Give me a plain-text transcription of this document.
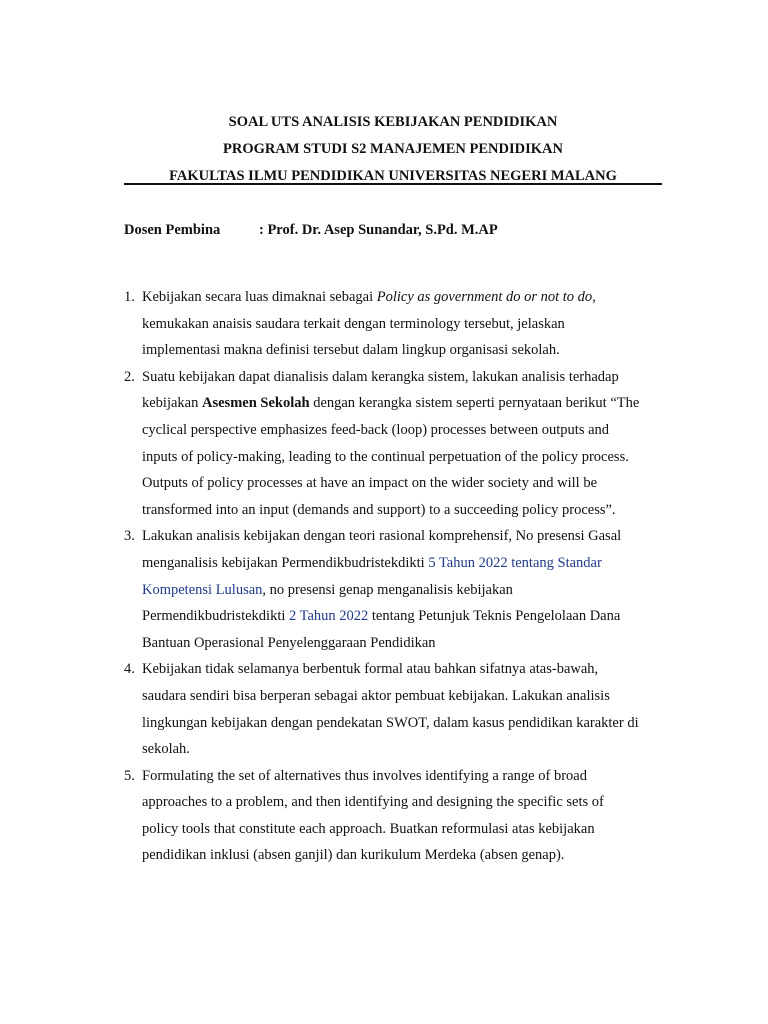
SOAL UTS ANALISIS KEBIJAKAN PENDIDIKAN
PROGRAM STUDI S2 MANAJEMEN PENDIDIKAN
FAKULTAS ILMU PENDIDIKAN UNIVERSITAS NEGERI MALANG
Dosen Pembina	: Prof. Dr. Asep Sunandar, S.Pd. M.AP
1. Kebijakan secara luas dimaknai sebagai Policy as government do or not to do,
kemukakan anaisis saudara terkait dengan terminology tersebut, jelaskan
implementasi makna definisi tersebut dalam lingkup organisasi sekolah.
2. Suatu kebijakan dapat dianalisis dalam kerangka sistem, lakukan analisis terhadap
kebijakan Asesmen Sekolah dengan kerangka sistem seperti pernyataan berikut “The
cyclical perspective emphasizes feed-back (loop) processes between outputs and
inputs of policy-making, leading to the continual perpetuation of the policy process.
Outputs of policy processes at have an impact on the wider society and will be
transformed into an input (demands and support) to a succeeding policy process”.
3. Lakukan analisis kebijakan dengan teori rasional komprehensif, No presensi Gasal
menganalisis kebijakan Permendikbudristekdikti 5 Tahun 2022 tentang Standar
Kompetensi Lulusan, no presensi genap menganalisis kebijakan
Permendikbudristekdikti 2 Tahun 2022 tentang Petunjuk Teknis Pengelolaan Dana
Bantuan Operasional Penyelenggaraan Pendidikan
4. Kebijakan tidak selamanya berbentuk formal atau bahkan sifatnya atas-bawah,
saudara sendiri bisa berperan sebagai aktor pembuat kebijakan. Lakukan analisis
lingkungan kebijakan dengan pendekatan SWOT, dalam kasus pendidikan karakter di
sekolah.
5. Formulating the set of alternatives thus involves identifying a range of broad
approaches to a problem, and then identifying and designing the specific sets of
policy tools that constitute each approach. Buatkan reformulasi atas kebijakan
pendidikan inklusi (absen ganjil) dan kurikulum Merdeka (absen genap).
